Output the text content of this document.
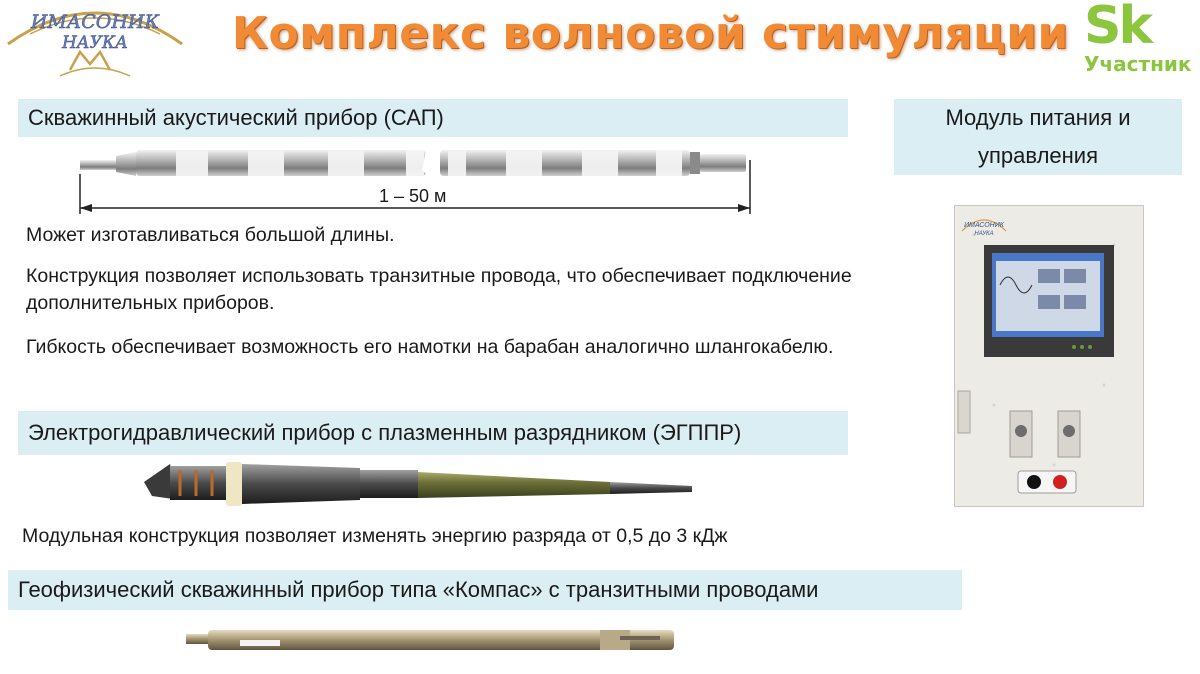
ИМАСОНИК
НАУКА Комплекс волновой стимуляции Sk
Участник
Скважинный акустический прибор (САП)
1 – 50 м
Может изготавливаться большой длины.
Конструкция позволяет использовать транзитные провода, что обеспечивает подключение дополнительных приборов.
Гибкость обеспечивает возможность его намотки на барабан аналогично шлангокабелю.
Электрогидравлический прибор с плазменным разрядником (ЭГППР)
Модульная конструкция позволяет изменять энергию разряда от 0,5 до 3 кДж
Геофизический скважинный прибор типа «Компас» с транзитными проводами
Модуль питания и управления
ИМАСОНИК
НАУКА
